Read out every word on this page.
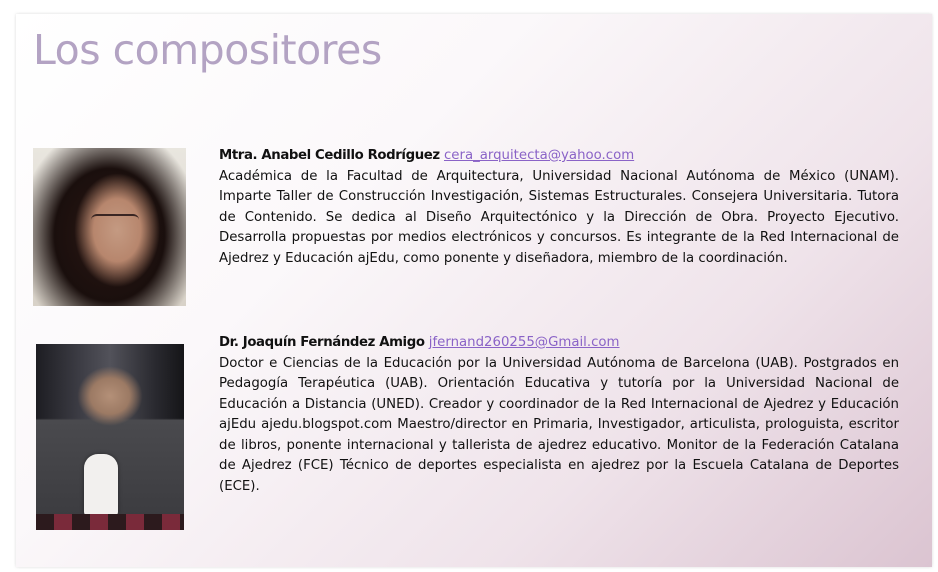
Los compositores

Mtra. Anabel Cedillo Rodríguez cera_arquitecta@yahoo.com
Académica de la Facultad de Arquitectura, Universidad Nacional Autónoma de México (UNAM). Imparte Taller de Construcción Investigación, Sistemas Estructurales. Consejera Universitaria. Tutora de Contenido. Se dedica al Diseño Arquitectónico y la Dirección de Obra. Proyecto Ejecutivo. Desarrolla propuestas por medios electrónicos y concursos. Es integrante de la Red Internacional de Ajedrez y Educación ajEdu, como ponente y diseñadora, miembro de la coordinación.

Dr. Joaquín Fernández Amigo jfernand260255@Gmail.com
Doctor e Ciencias de la Educación por la Universidad Autónoma de Barcelona (UAB). Postgrados en Pedagogía Terapéutica (UAB). Orientación Educativa y tutoría por la Universidad Nacional de Educación a Distancia (UNED). Creador y coordinador de la Red Internacional de Ajedrez y Educación ajEdu ajedu.blogspot.com Maestro/director en Primaria, Investigador, articulista, prologuista, escritor de libros, ponente internacional y tallerista de ajedrez educativo. Monitor de la Federación Catalana de Ajedrez (FCE) Técnico de deportes especialista en ajedrez por la Escuela Catalana de Deportes (ECE).
